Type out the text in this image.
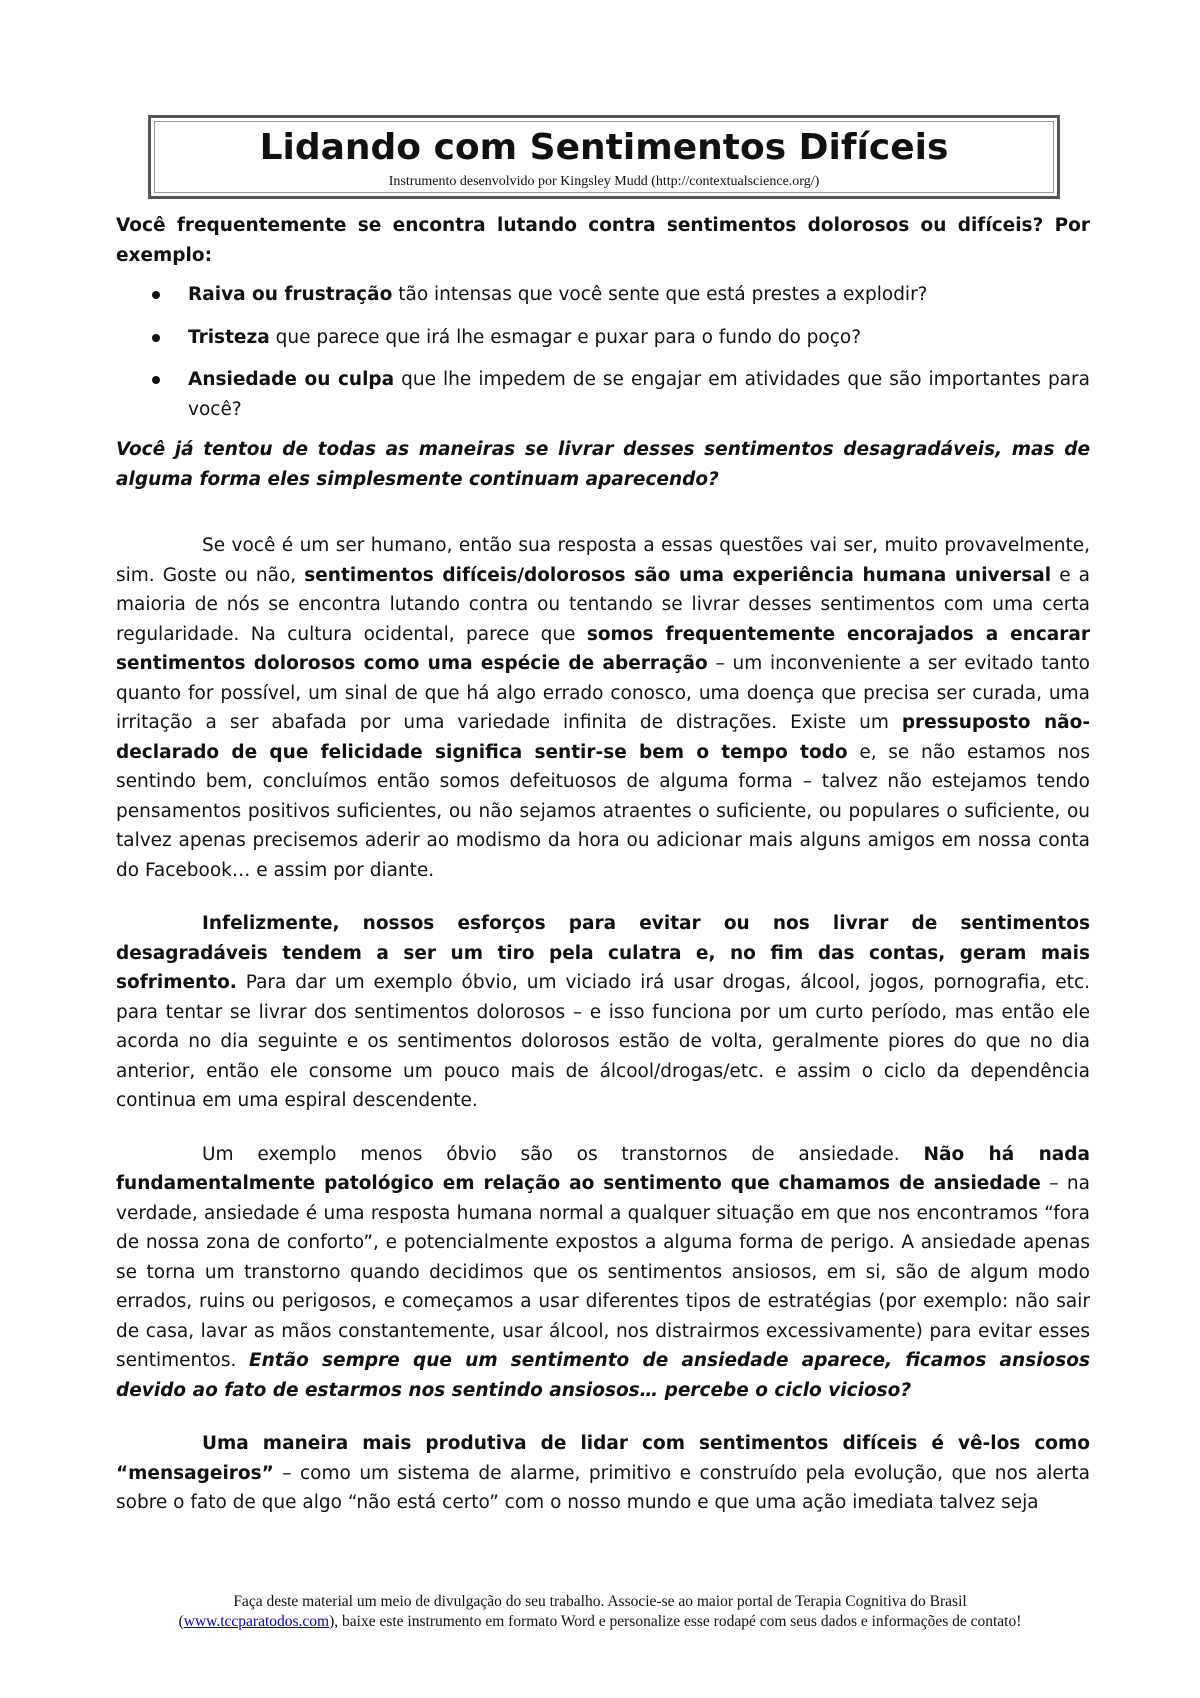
Lidando com Sentimentos Difíceis
Instrumento desenvolvido por Kingsley Mudd (http://contextualscience.org/)

Você frequentemente se encontra lutando contra sentimentos dolorosos ou difíceis? Por exemplo:

Raiva ou frustração tão intensas que você sente que está prestes a explodir?
Tristeza que parece que irá lhe esmagar e puxar para o fundo do poço?
Ansiedade ou culpa que lhe impedem de se engajar em atividades que são importantes para você?

Você já tentou de todas as maneiras se livrar desses sentimentos desagradáveis, mas de alguma forma eles simplesmente continuam aparecendo?

Se você é um ser humano, então sua resposta a essas questões vai ser, muito provavelmente, sim. Goste ou não, sentimentos difíceis/dolorosos são uma experiência humana universal e a maioria de nós se encontra lutando contra ou tentando se livrar desses sentimentos com uma certa regularidade. Na cultura ocidental, parece que somos frequentemente encorajados a encarar sentimentos dolorosos como uma espécie de aberração – um inconveniente a ser evitado tanto quanto for possível, um sinal de que há algo errado conosco, uma doença que precisa ser curada, uma irritação a ser abafada por uma variedade infinita de distrações. Existe um pressuposto não-declarado de que felicidade significa sentir-se bem o tempo todo e, se não estamos nos sentindo bem, concluímos então somos defeituosos de alguma forma – talvez não estejamos tendo pensamentos positivos suficientes, ou não sejamos atraentes o suficiente, ou populares o suficiente, ou talvez apenas precisemos aderir ao modismo da hora ou adicionar mais alguns amigos em nossa conta do Facebook… e assim por diante.

Infelizmente, nossos esforços para evitar ou nos livrar de sentimentos desagradáveis tendem a ser um tiro pela culatra e, no fim das contas, geram mais sofrimento. Para dar um exemplo óbvio, um viciado irá usar drogas, álcool, jogos, pornografia, etc. para tentar se livrar dos sentimentos dolorosos – e isso funciona por um curto período, mas então ele acorda no dia seguinte e os sentimentos dolorosos estão de volta, geralmente piores do que no dia anterior, então ele consome um pouco mais de álcool/drogas/etc. e assim o ciclo da dependência continua em uma espiral descendente.

Um exemplo menos óbvio são os transtornos de ansiedade. Não há nada fundamentalmente patológico em relação ao sentimento que chamamos de ansiedade – na verdade, ansiedade é uma resposta humana normal a qualquer situação em que nos encontramos “fora de nossa zona de conforto”, e potencialmente expostos a alguma forma de perigo. A ansiedade apenas se torna um transtorno quando decidimos que os sentimentos ansiosos, em si, são de algum modo errados, ruins ou perigosos, e começamos a usar diferentes tipos de estratégias (por exemplo: não sair de casa, lavar as mãos constantemente, usar álcool, nos distrairmos excessivamente) para evitar esses sentimentos. Então sempre que um sentimento de ansiedade aparece, ficamos ansiosos devido ao fato de estarmos nos sentindo ansiosos… percebe o ciclo vicioso?

Uma maneira mais produtiva de lidar com sentimentos difíceis é vê-los como “mensageiros” – como um sistema de alarme, primitivo e construído pela evolução, que nos alerta sobre o fato de que algo “não está certo” com o nosso mundo e que uma ação imediata talvez seja

Faça deste material um meio de divulgação do seu trabalho. Associe-se ao maior portal de Terapia Cognitiva do Brasil
(www.tccparatodos.com), baixe este instrumento em formato Word e personalize esse rodapé com seus dados e informações de contato!
